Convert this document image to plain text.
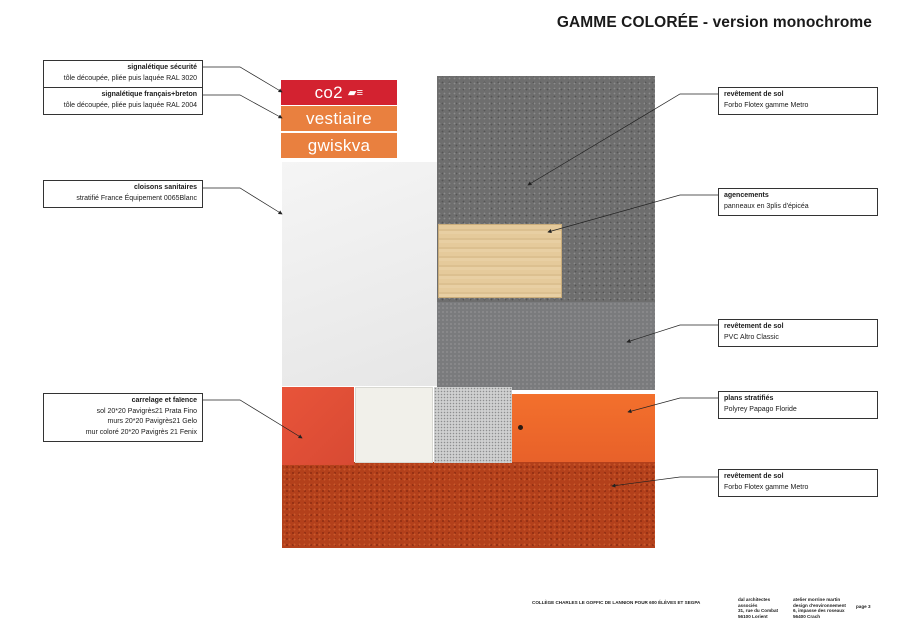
GAMME COLORÉE - version monochrome
co2 ▰≡
vestiaire
gwiskva
signalétique sécurité
tôle découpée, pliée puis laquée RAL 3020
signalétique français+breton
tôle découpée, pliée puis laquée RAL 2004
cloisons sanitaires
stratifié France Équipement 0065Blanc
carrelage et faïence
sol 20*20 Pavigrès21 Prata Fino
murs 20*20 Pavigrès21 Gelo
mur coloré 20*20 Pavigrès 21 Fenix
revêtement de sol
Forbo Flotex gamme Metro
agencements
panneaux en 3plis d'épicéa
revêtement de sol
PVC Altro Classic
plans stratifiés
Polyrey Papago Floride
revêtement de sol
Forbo Flotex gamme Metro
COLLÈGE CHARLES LE GOFFIC DE LANNION POUR 600 ÉLÈVES ET SEGPA
dal architectes
associés
31, rue du Combat
56100 Lorient
atelier morrine martin
design d'environnement
6, impasse des roseaux
56400 Crach
page 3
